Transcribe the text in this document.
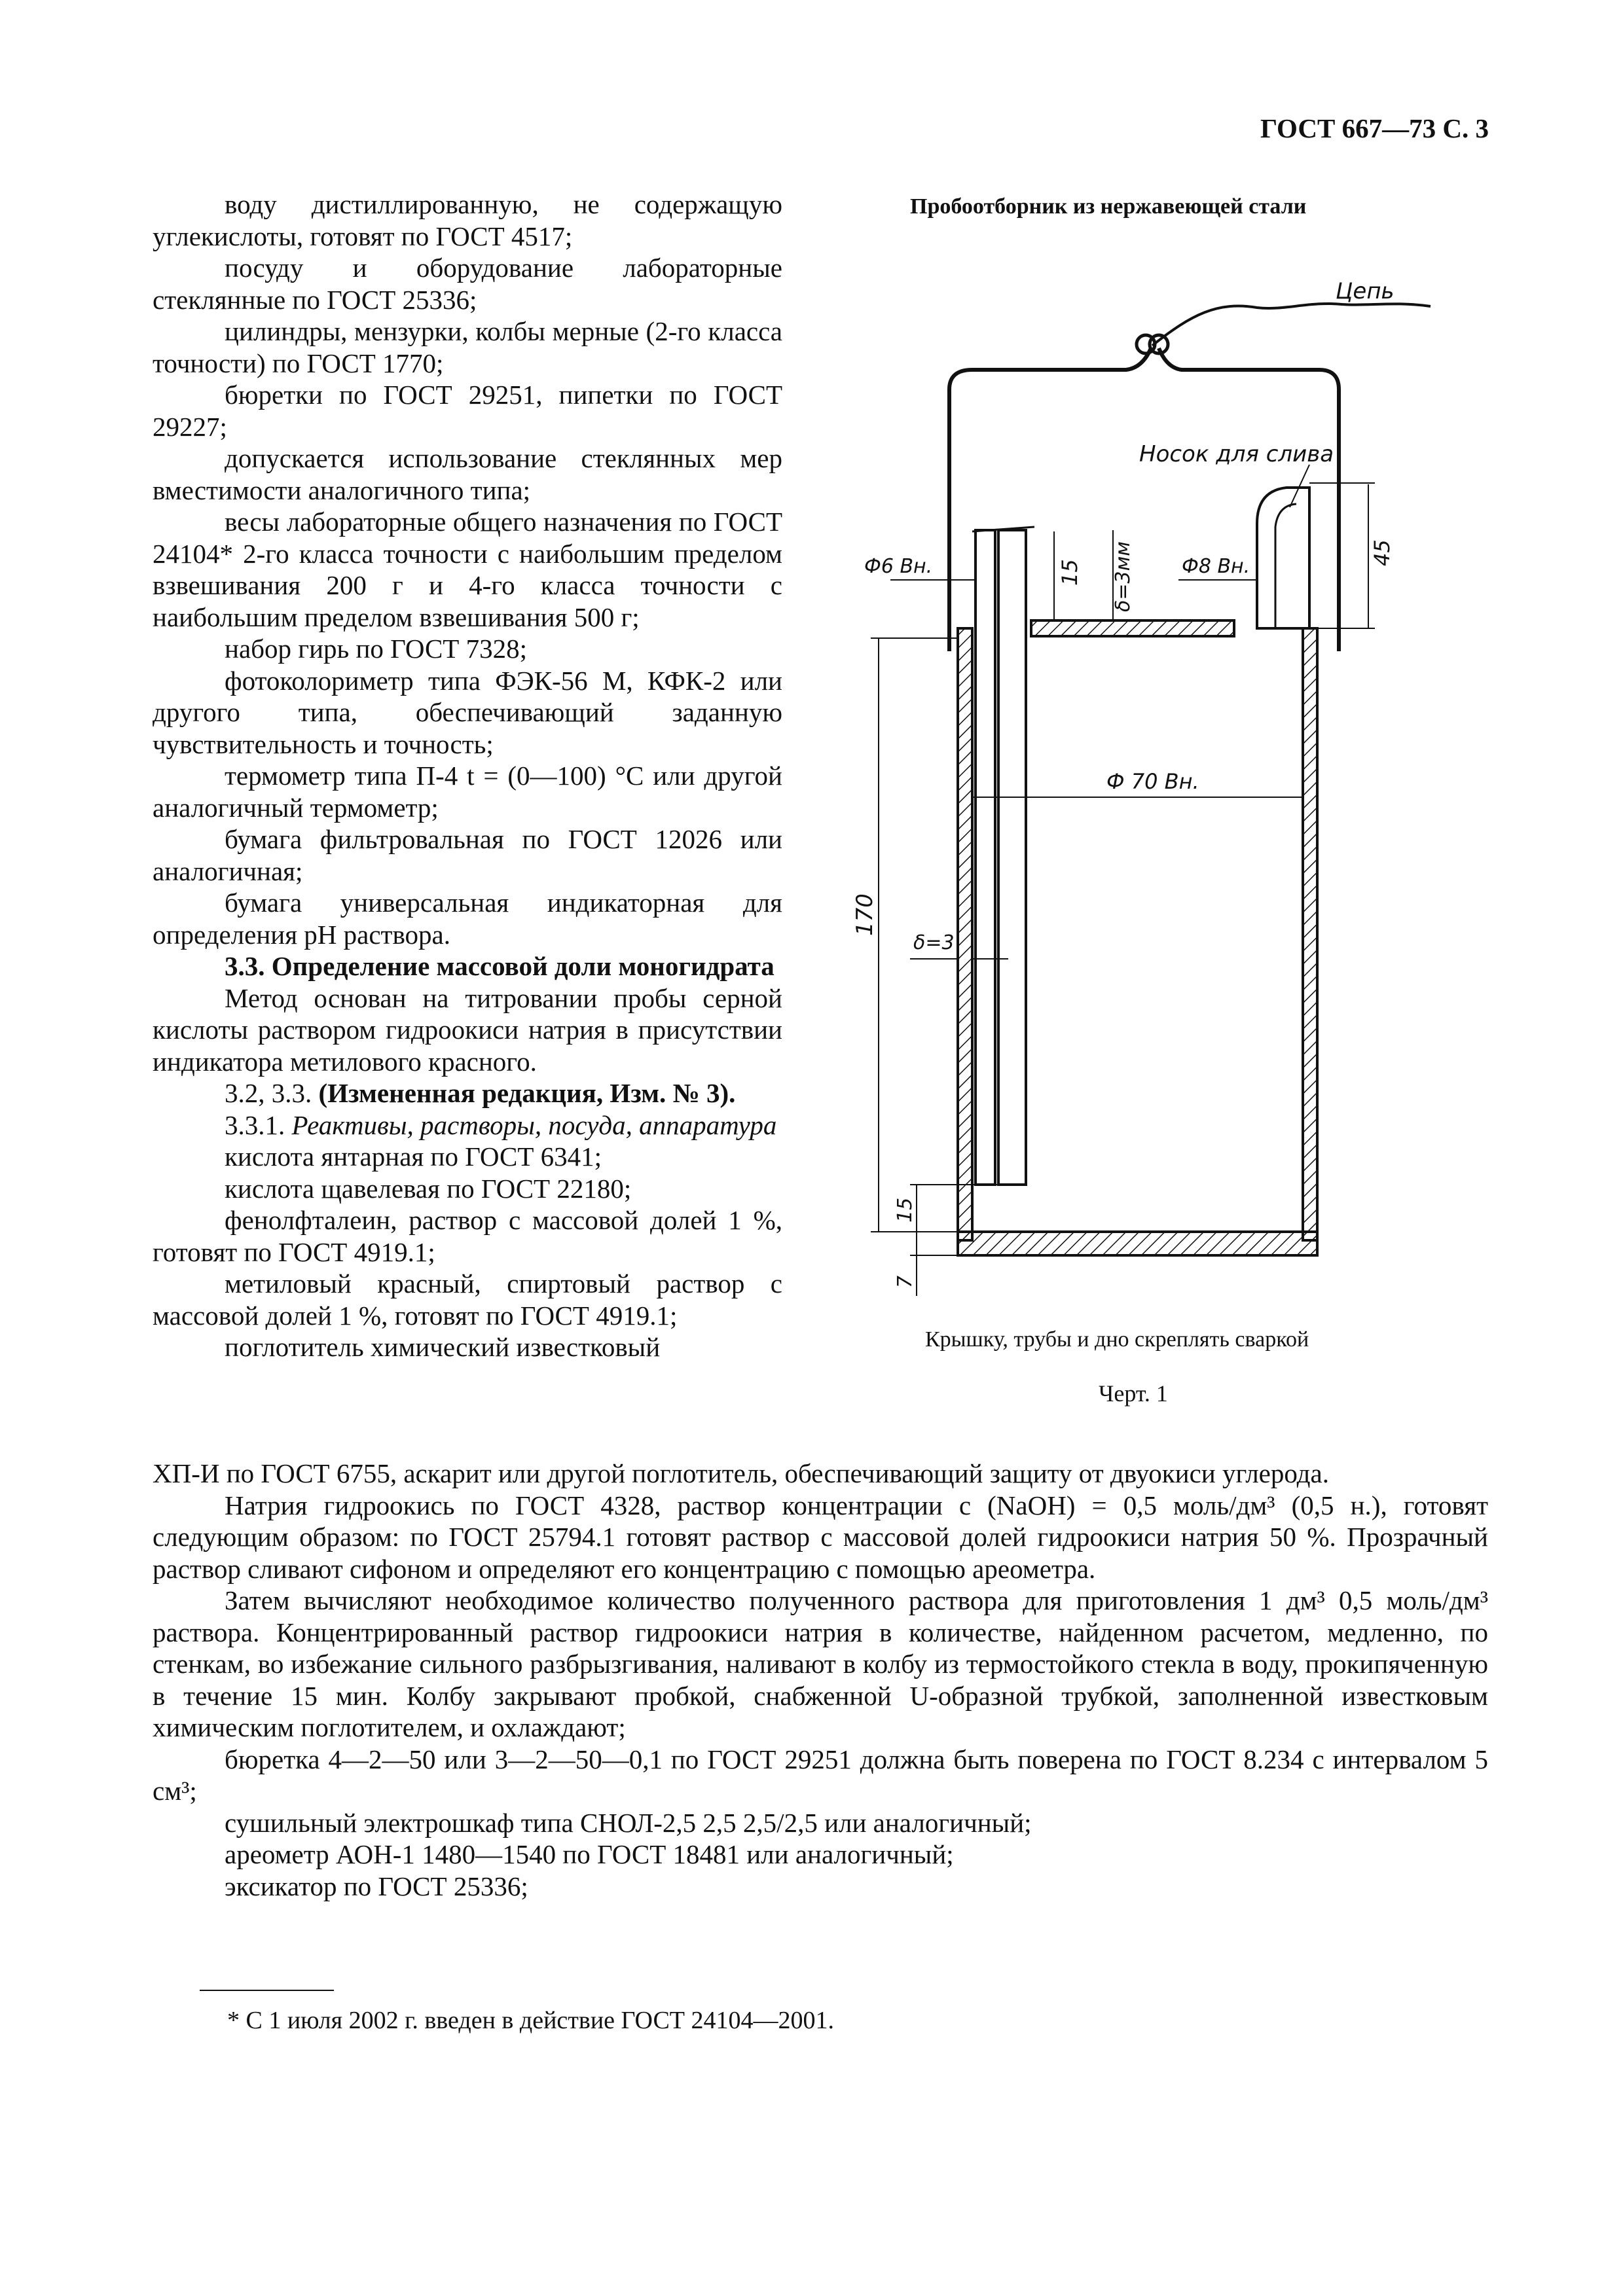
ГОСТ 667—73 С. 3

воду дистиллированную, не содержащую углекислоты, готовят по ГОСТ 4517;

посуду и оборудование лабораторные стеклянные по ГОСТ 25336;

цилиндры, мензурки, колбы мерные (2-го класса точности) по ГОСТ 1770;

бюретки по ГОСТ 29251, пипетки по ГОСТ 29227;

допускается использование стеклянных мер вместимости аналогичного типа;

весы лабораторные общего назначения по ГОСТ 24104* 2-го класса точности с наибольшим пределом взвешивания 200 г и 4-го класса точности с наибольшим пределом взвешивания 500 г;

набор гирь по ГОСТ 7328;

фотоколориметр типа ФЭК-56 М, КФК-2 или другого типа, обеспечивающий заданную чувствительность и точность;

термометр типа П-4 t = (0—100) °С или другой аналогичный термометр;

бумага фильтровальная по ГОСТ 12026 или аналогичная;

бумага универсальная индикаторная для определения pH раствора.

3.3. Определение массовой доли моногидрата

Метод основан на титровании пробы серной кислоты раствором гидроокиси натрия в присутствии индикатора метилового красного.

3.2, 3.3. (Измененная редакция, Изм. № 3).

3.3.1. Реактивы, растворы, посуда, аппаратура

кислота янтарная по ГОСТ 6341;

кислота щавелевая по ГОСТ 22180;

фенолфталеин, раствор с массовой долей 1 %, готовят по ГОСТ 4919.1;

метиловый красный, спиртовый раствор с массовой долей 1 %, готовят по ГОСТ 4919.1;

поглотитель химический известковый

Пробоотборник из нержавеющей стали
Цепь
Носок для слива
Ф6 Вн.	Ф8 Вн.
Ф 70 Вн.
15 δ=3мм	45
170
δ=3
15
7
Крышку, трубы и дно скреплять сваркой
Черт. 1

ХП-И по ГОСТ 6755, аскарит или другой поглотитель, обеспечивающий защиту от двуокиси углерода.

Натрия гидроокись по ГОСТ 4328, раствор концентрации с (NaOH) = 0,5 моль/дм³ (0,5 н.), готовят следующим образом: по ГОСТ 25794.1 готовят раствор с массовой долей гидроокиси натрия 50 %. Прозрачный раствор сливают сифоном и определяют его концентрацию с помощью ареометра.

Затем вычисляют необходимое количество полученного раствора для приготовления 1 дм³ 0,5 моль/дм³ раствора. Концентрированный раствор гидроокиси натрия в количестве, найденном расчетом, медленно, по стенкам, во избежание сильного разбрызгивания, наливают в колбу из термостойкого стекла в воду, прокипяченную в течение 15 мин. Колбу закрывают пробкой, снабженной U-образной трубкой, заполненной известковым химическим поглотителем, и охлаждают;

бюретка 4—2—50 или 3—2—50—0,1 по ГОСТ 29251 должна быть поверена по ГОСТ 8.234 с интервалом 5 см³;

сушильный электрошкаф типа СНОЛ-2,5 2,5 2,5/2,5 или аналогичный;

ареометр АОН-1 1480—1540 по ГОСТ 18481 или аналогичный;

эксикатор по ГОСТ 25336;

* С 1 июля 2002 г. введен в действие ГОСТ 24104—2001.
